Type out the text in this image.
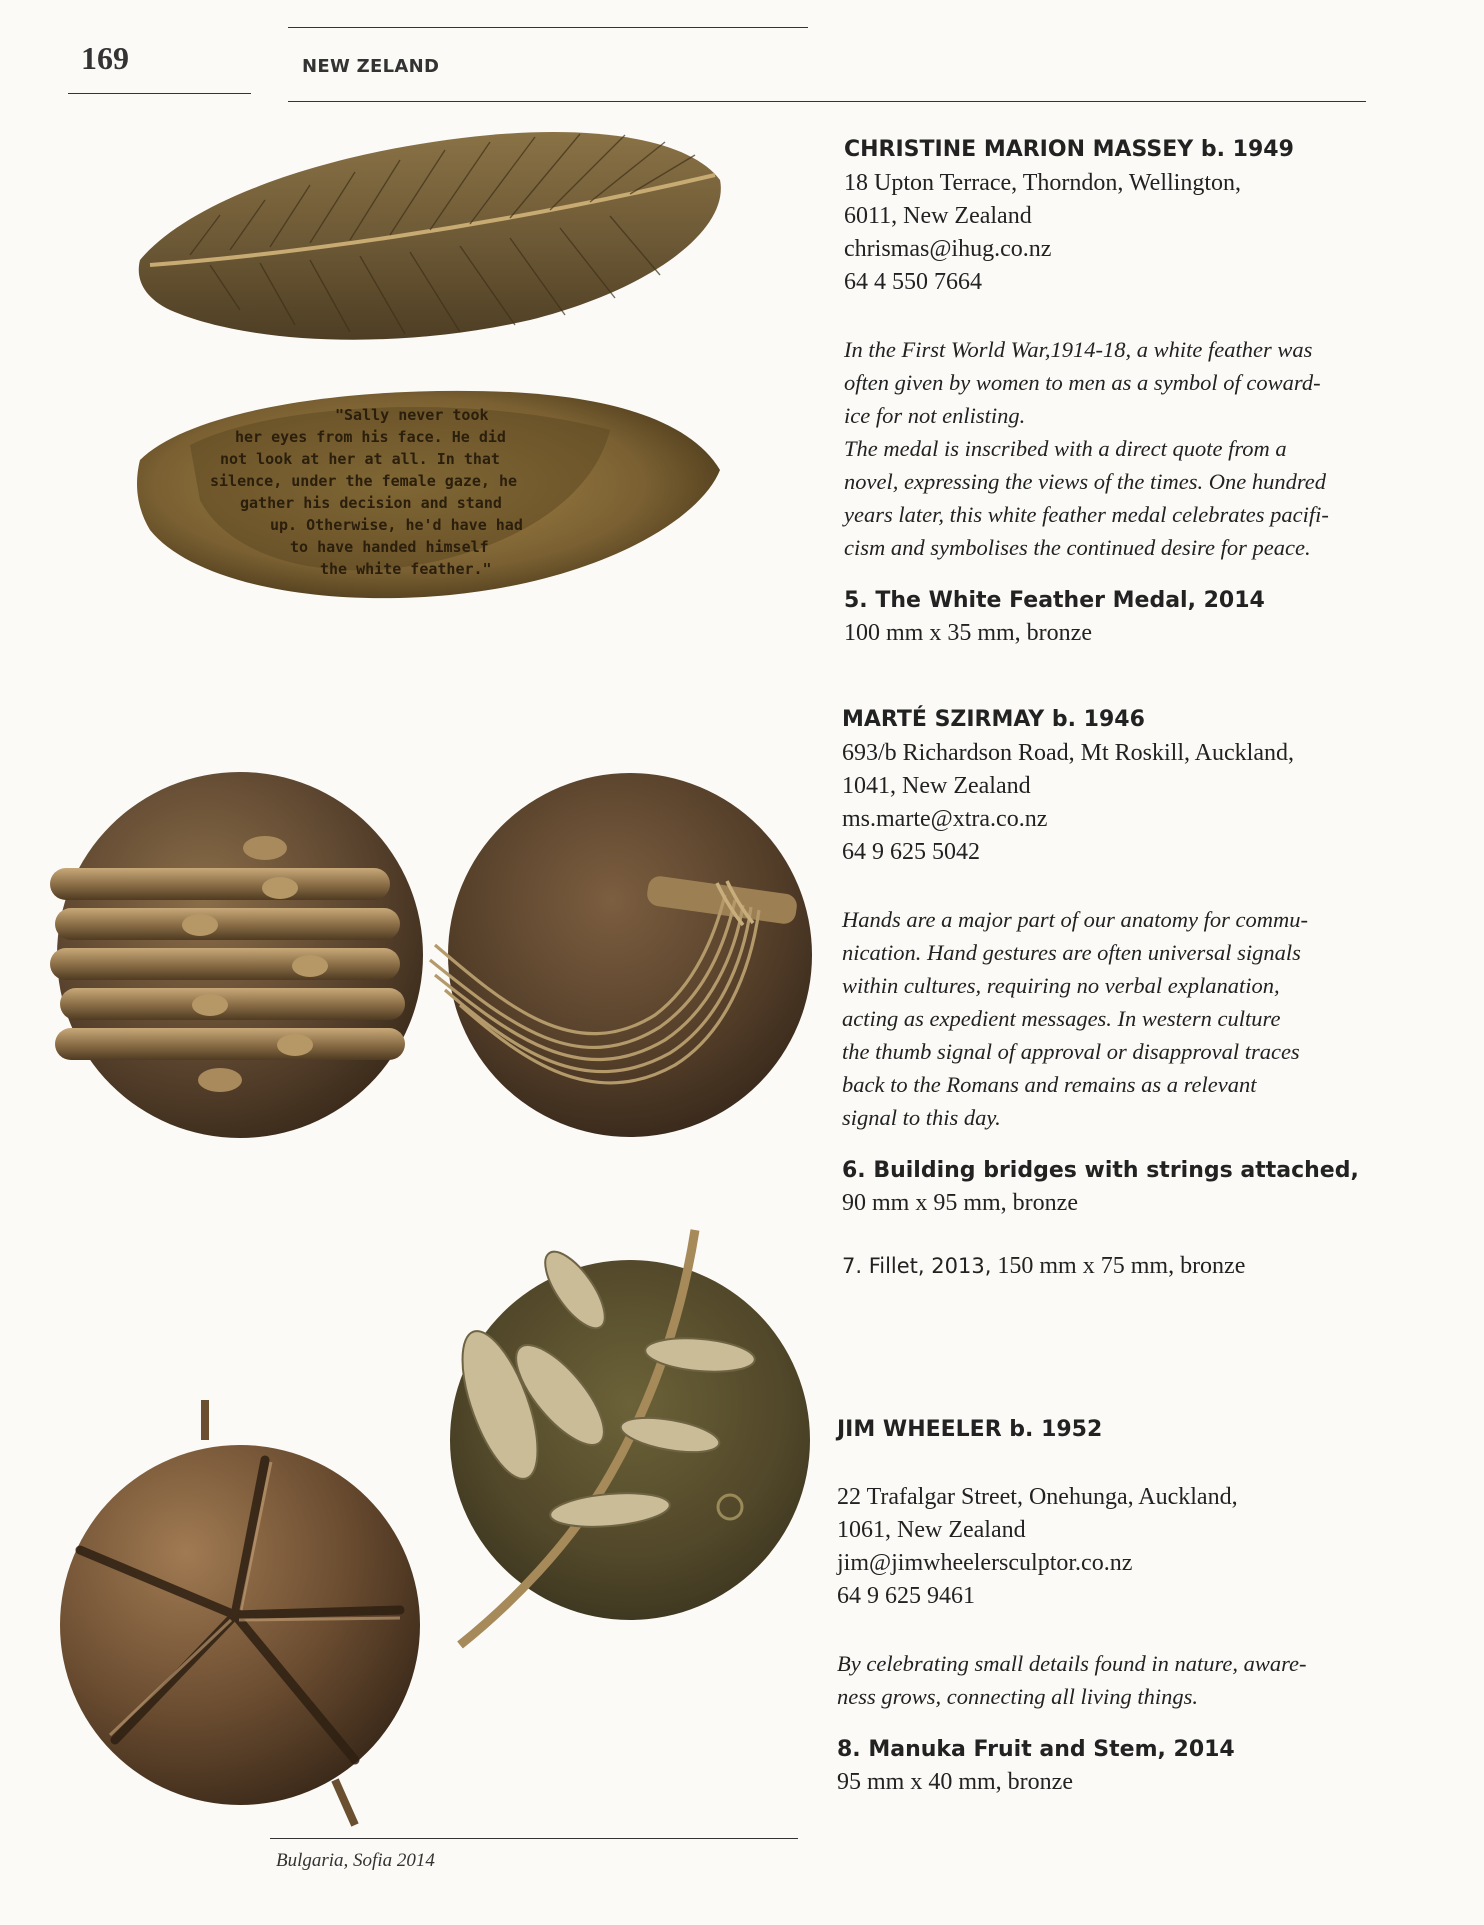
169	NEW ZELAND
"Sally never took
her eyes from his face. He did
not look at her at all. In that
silence, under the female gaze, he
gather his decision and stand
up. Otherwise, he'd have had
to have handed himself
the white feather."

CHRISTINE MARION MASSEY b. 1949

18 Upton Terrace, Thorndon, Wellington,

6011, New Zealand

chrismas@ihug.co.nz

64 4 550 7664

In the First World War,1914-18, a white feather was

often given by women to men as a symbol of coward-

ice for not enlisting.

The medal is inscribed with a direct quote from a

novel, expressing the views of the times. One hundred

years later, this white feather medal celebrates pacifi-

cism and symbolises the continued desire for peace.

5. The White Feather Medal, 2014

100 mm x 35 mm, bronze

MARTÉ SZIRMAY b. 1946

693/b Richardson Road, Mt Roskill, Auckland,

1041, New Zealand

ms.marte@xtra.co.nz

64 9 625 5042

Hands are a major part of our anatomy for commu-

nication. Hand gestures are often universal signals

within cultures, requiring no verbal explanation,

acting as expedient messages. In western culture

the thumb signal of approval or disapproval traces

back to the Romans and remains as a relevant

signal to this day.

6. Building bridges with strings attached,

90 mm x 95 mm, bronze

7. Fillet, 2013, 150 mm x 75 mm, bronze

JIM WHEELER b. 1952

22 Trafalgar Street, Onehunga, Auckland,

1061, New Zealand

jim@jimwheelersculptor.co.nz

64 9 625 9461

By celebrating small details found in nature, aware-

ness grows, connecting all living things.

8. Manuka Fruit and Stem, 2014

95 mm x 40 mm, bronze

Bulgaria, Sofia 2014
